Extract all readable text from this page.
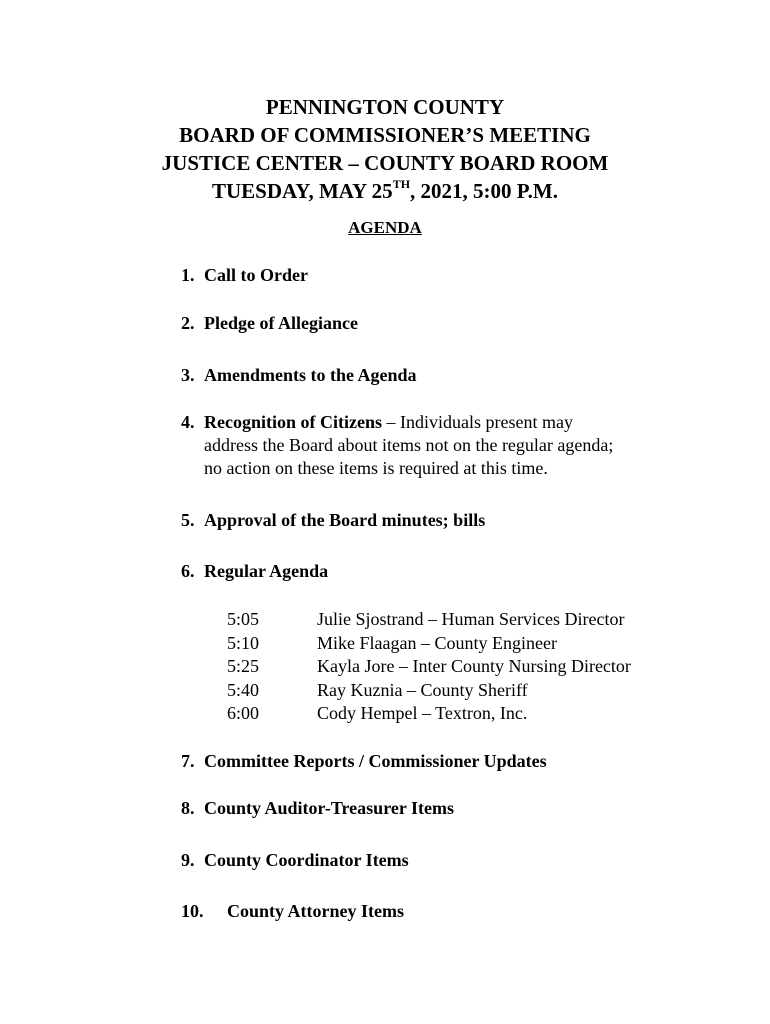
PENNINGTON COUNTY
BOARD OF COMMISSIONER’S MEETING
JUSTICE CENTER – COUNTY BOARD ROOM
TUESDAY, MAY 25TH, 2021, 5:00 P.M.
AGENDA
1. Call to Order
2. Pledge of Allegiance
3. Amendments to the Agenda
4. Recognition of Citizens – Individuals present may
address the Board about items not on the regular agenda;
no action on these items is required at this time.
5. Approval of the Board minutes; bills
6. Regular Agenda
5:05	Julie Sjostrand – Human Services Director
5:10	Mike Flaagan – County Engineer
5:25	Kayla Jore – Inter County Nursing Director
5:40	Ray Kuznia – County Sheriff
6:00	Cody Hempel – Textron, Inc.
7. Committee Reports / Commissioner Updates
8. County Auditor-Treasurer Items
9. County Coordinator Items
10. County Attorney Items
